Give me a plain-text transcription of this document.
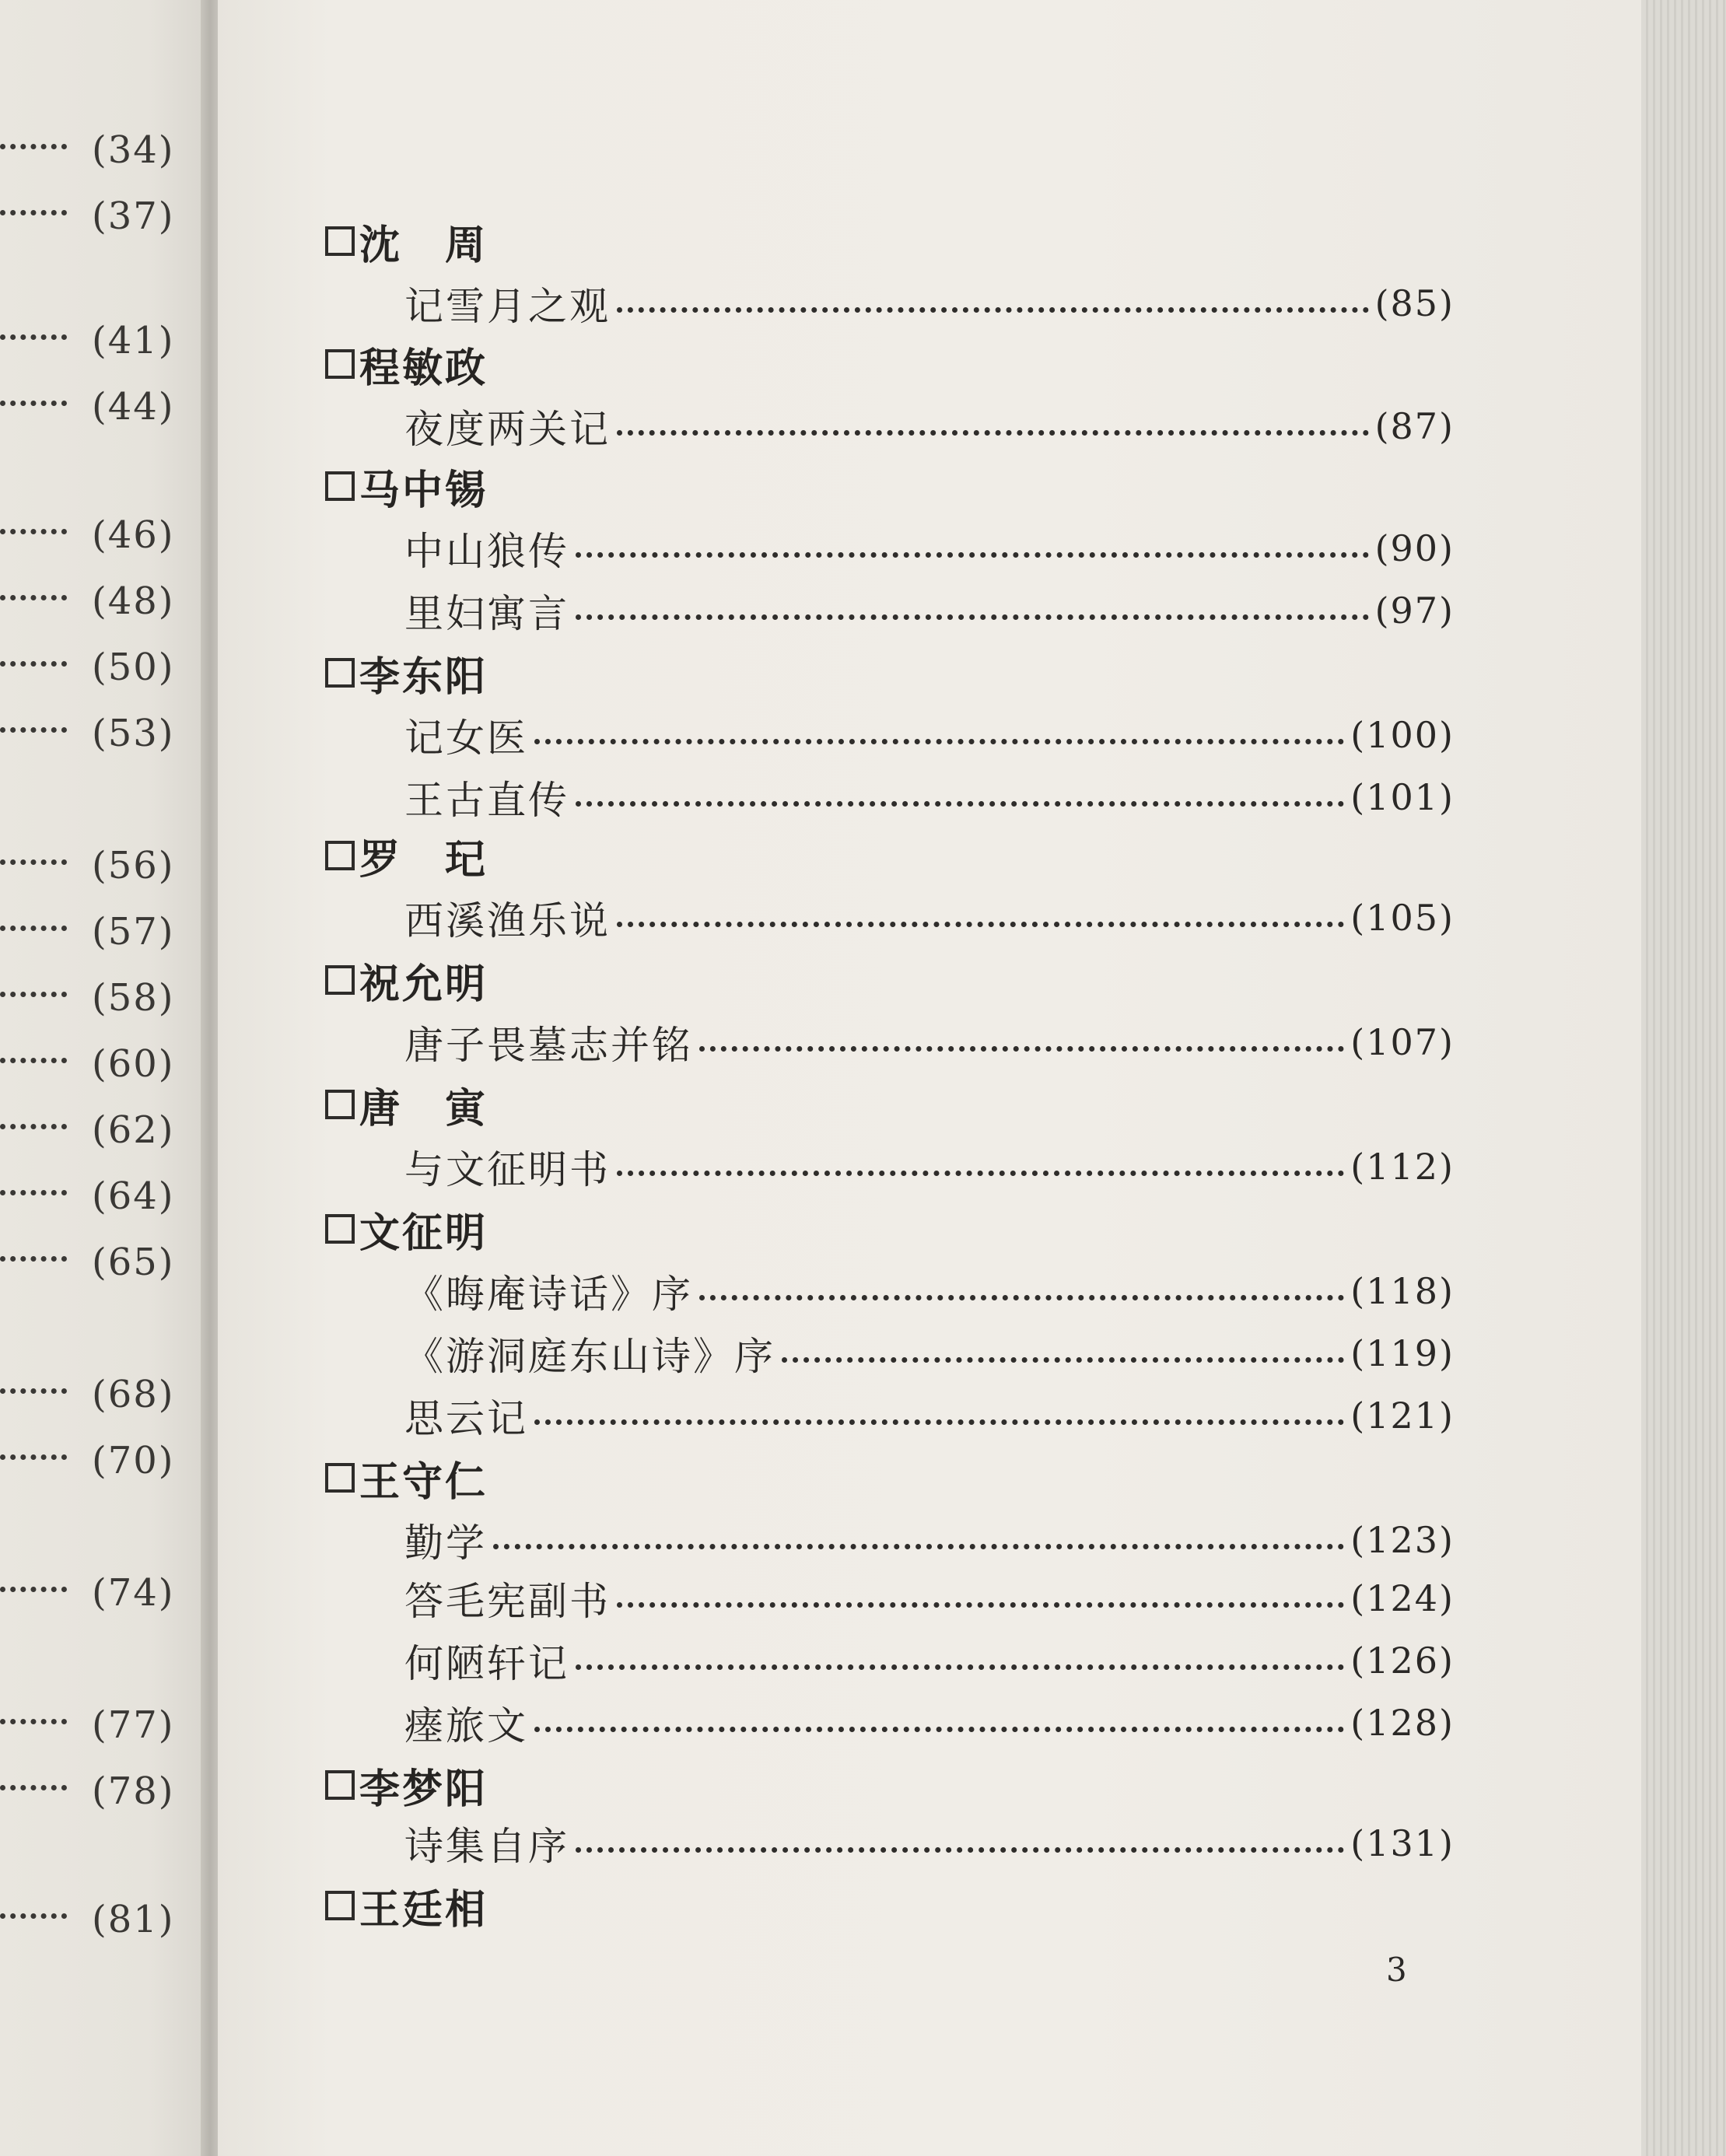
(34)
(37)
(41)
(44)
(46)
(48)
(50)
(53)
(56)
(57)
(58)
(60)
(62)
(64)
(65)
(68)
(70)
(74)
(77)
(78)
(81)
沈　周
记雪月之观	(85)
程敏政
夜度两关记	(87)
马中锡
中山狼传	(90)
里妇寓言	(97)
李东阳
记女医	(100)
王古直传	(101)
罗　玘
西溪渔乐说	(105)
祝允明
唐子畏墓志并铭	(107)
唐　寅
与文征明书	(112)
文征明
《晦庵诗话》序	(118)
《游洞庭东山诗》序	(119)
思云记	(121)
王守仁
勤学	(123)
答毛宪副书	(124)
何陋轩记	(126)
瘗旅文	(128)
李梦阳
诗集自序	(131)
王廷相
3
